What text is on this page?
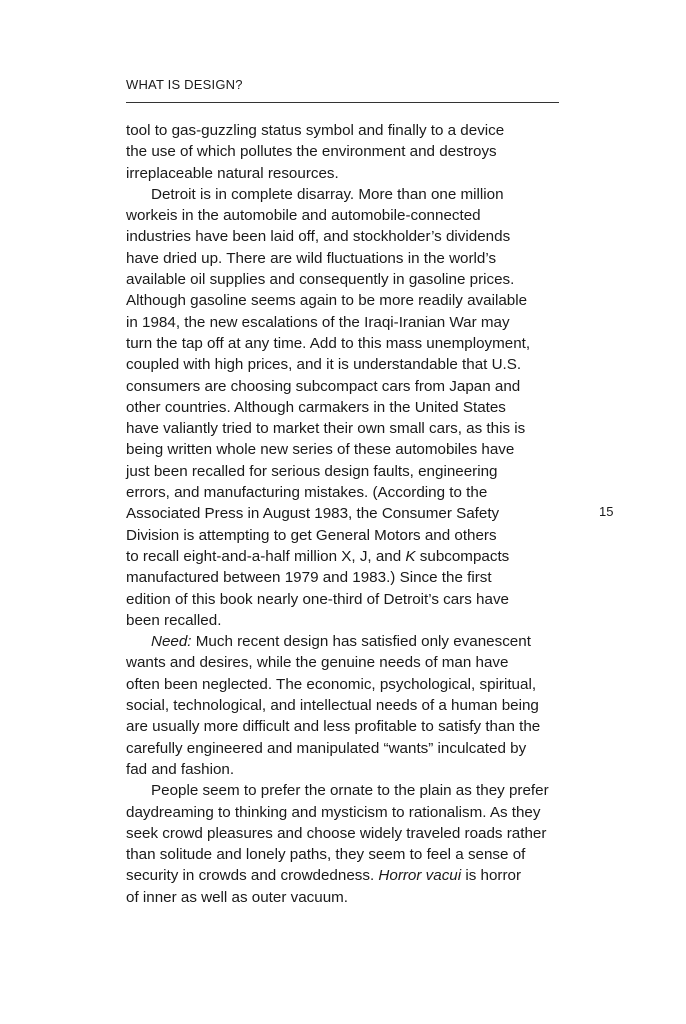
WHAT IS DESIGN?
15
tool to gas-guzzling status symbol and finally to a device
the use of which pollutes the environment and destroys
irreplaceable natural resources.
Detroit is in complete disarray. More than one million
workeis in the automobile and automobile-connected
industries have been laid off, and stockholder’s dividends
have dried up. There are wild fluctuations in the world’s
available oil supplies and consequently in gasoline prices.
Although gasoline seems again to be more readily available
in 1984, the new escalations of the Iraqi-Iranian War may
turn the tap off at any time. Add to this mass unemployment,
coupled with high prices, and it is understandable that U.S.
consumers are choosing subcompact cars from Japan and
other countries. Although carmakers in the United States
have valiantly tried to market their own small cars, as this is
being written whole new series of these automobiles have
just been recalled for serious design faults, engineering
errors, and manufacturing mistakes. (According to the
Associated Press in August 1983, the Consumer Safety
Division is attempting to get General Motors and others
to recall eight-and-a-half million X, J, and K subcompacts
manufactured between 1979 and 1983.) Since the first
edition of this book nearly one-third of Detroit’s cars have
been recalled.
Need: Much recent design has satisfied only evanescent
wants and desires, while the genuine needs of man have
often been neglected. The economic, psychological, spiritual,
social, technological, and intellectual needs of a human being
are usually more difficult and less profitable to satisfy than the
carefully engineered and manipulated “wants” inculcated by
fad and fashion.
People seem to prefer the ornate to the plain as they prefer
daydreaming to thinking and mysticism to rationalism. As they
seek crowd pleasures and choose widely traveled roads rather
than solitude and lonely paths, they seem to feel a sense of
security in crowds and crowdedness. Horror vacui is horror
of inner as well as outer vacuum.
